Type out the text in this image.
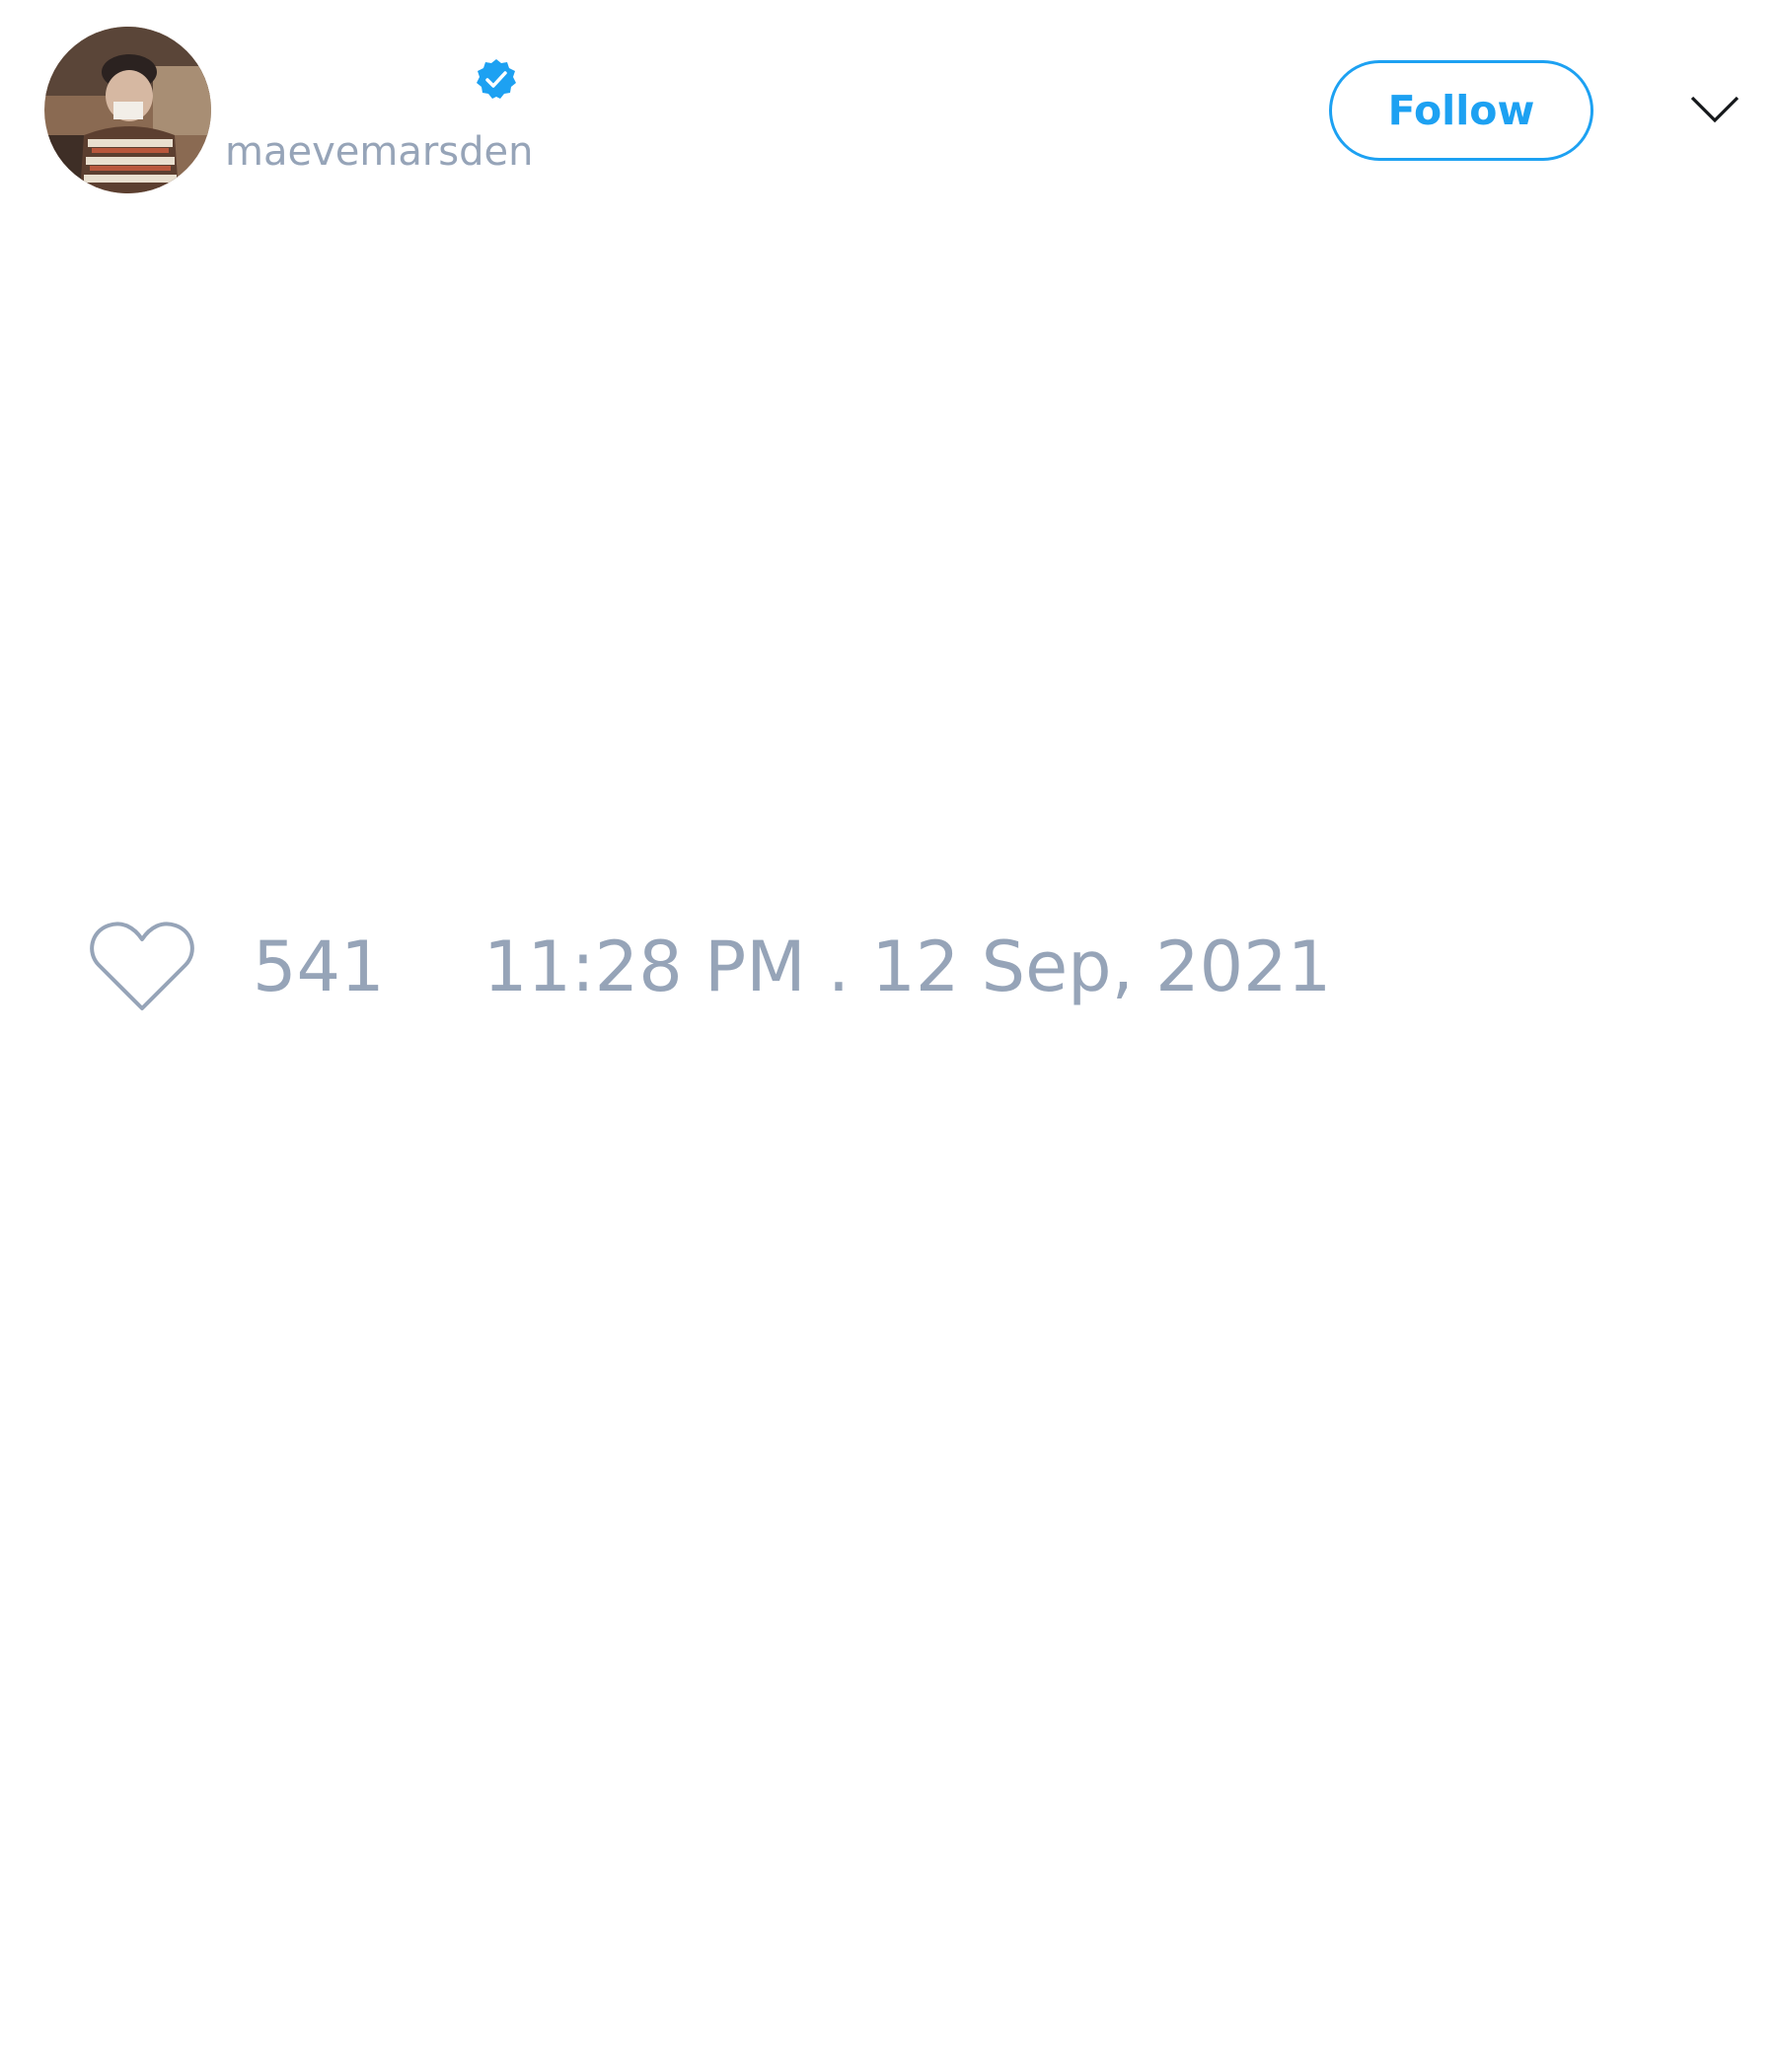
maevemarsden
Follow
541 11:28 PM . 12 Sep, 2021
